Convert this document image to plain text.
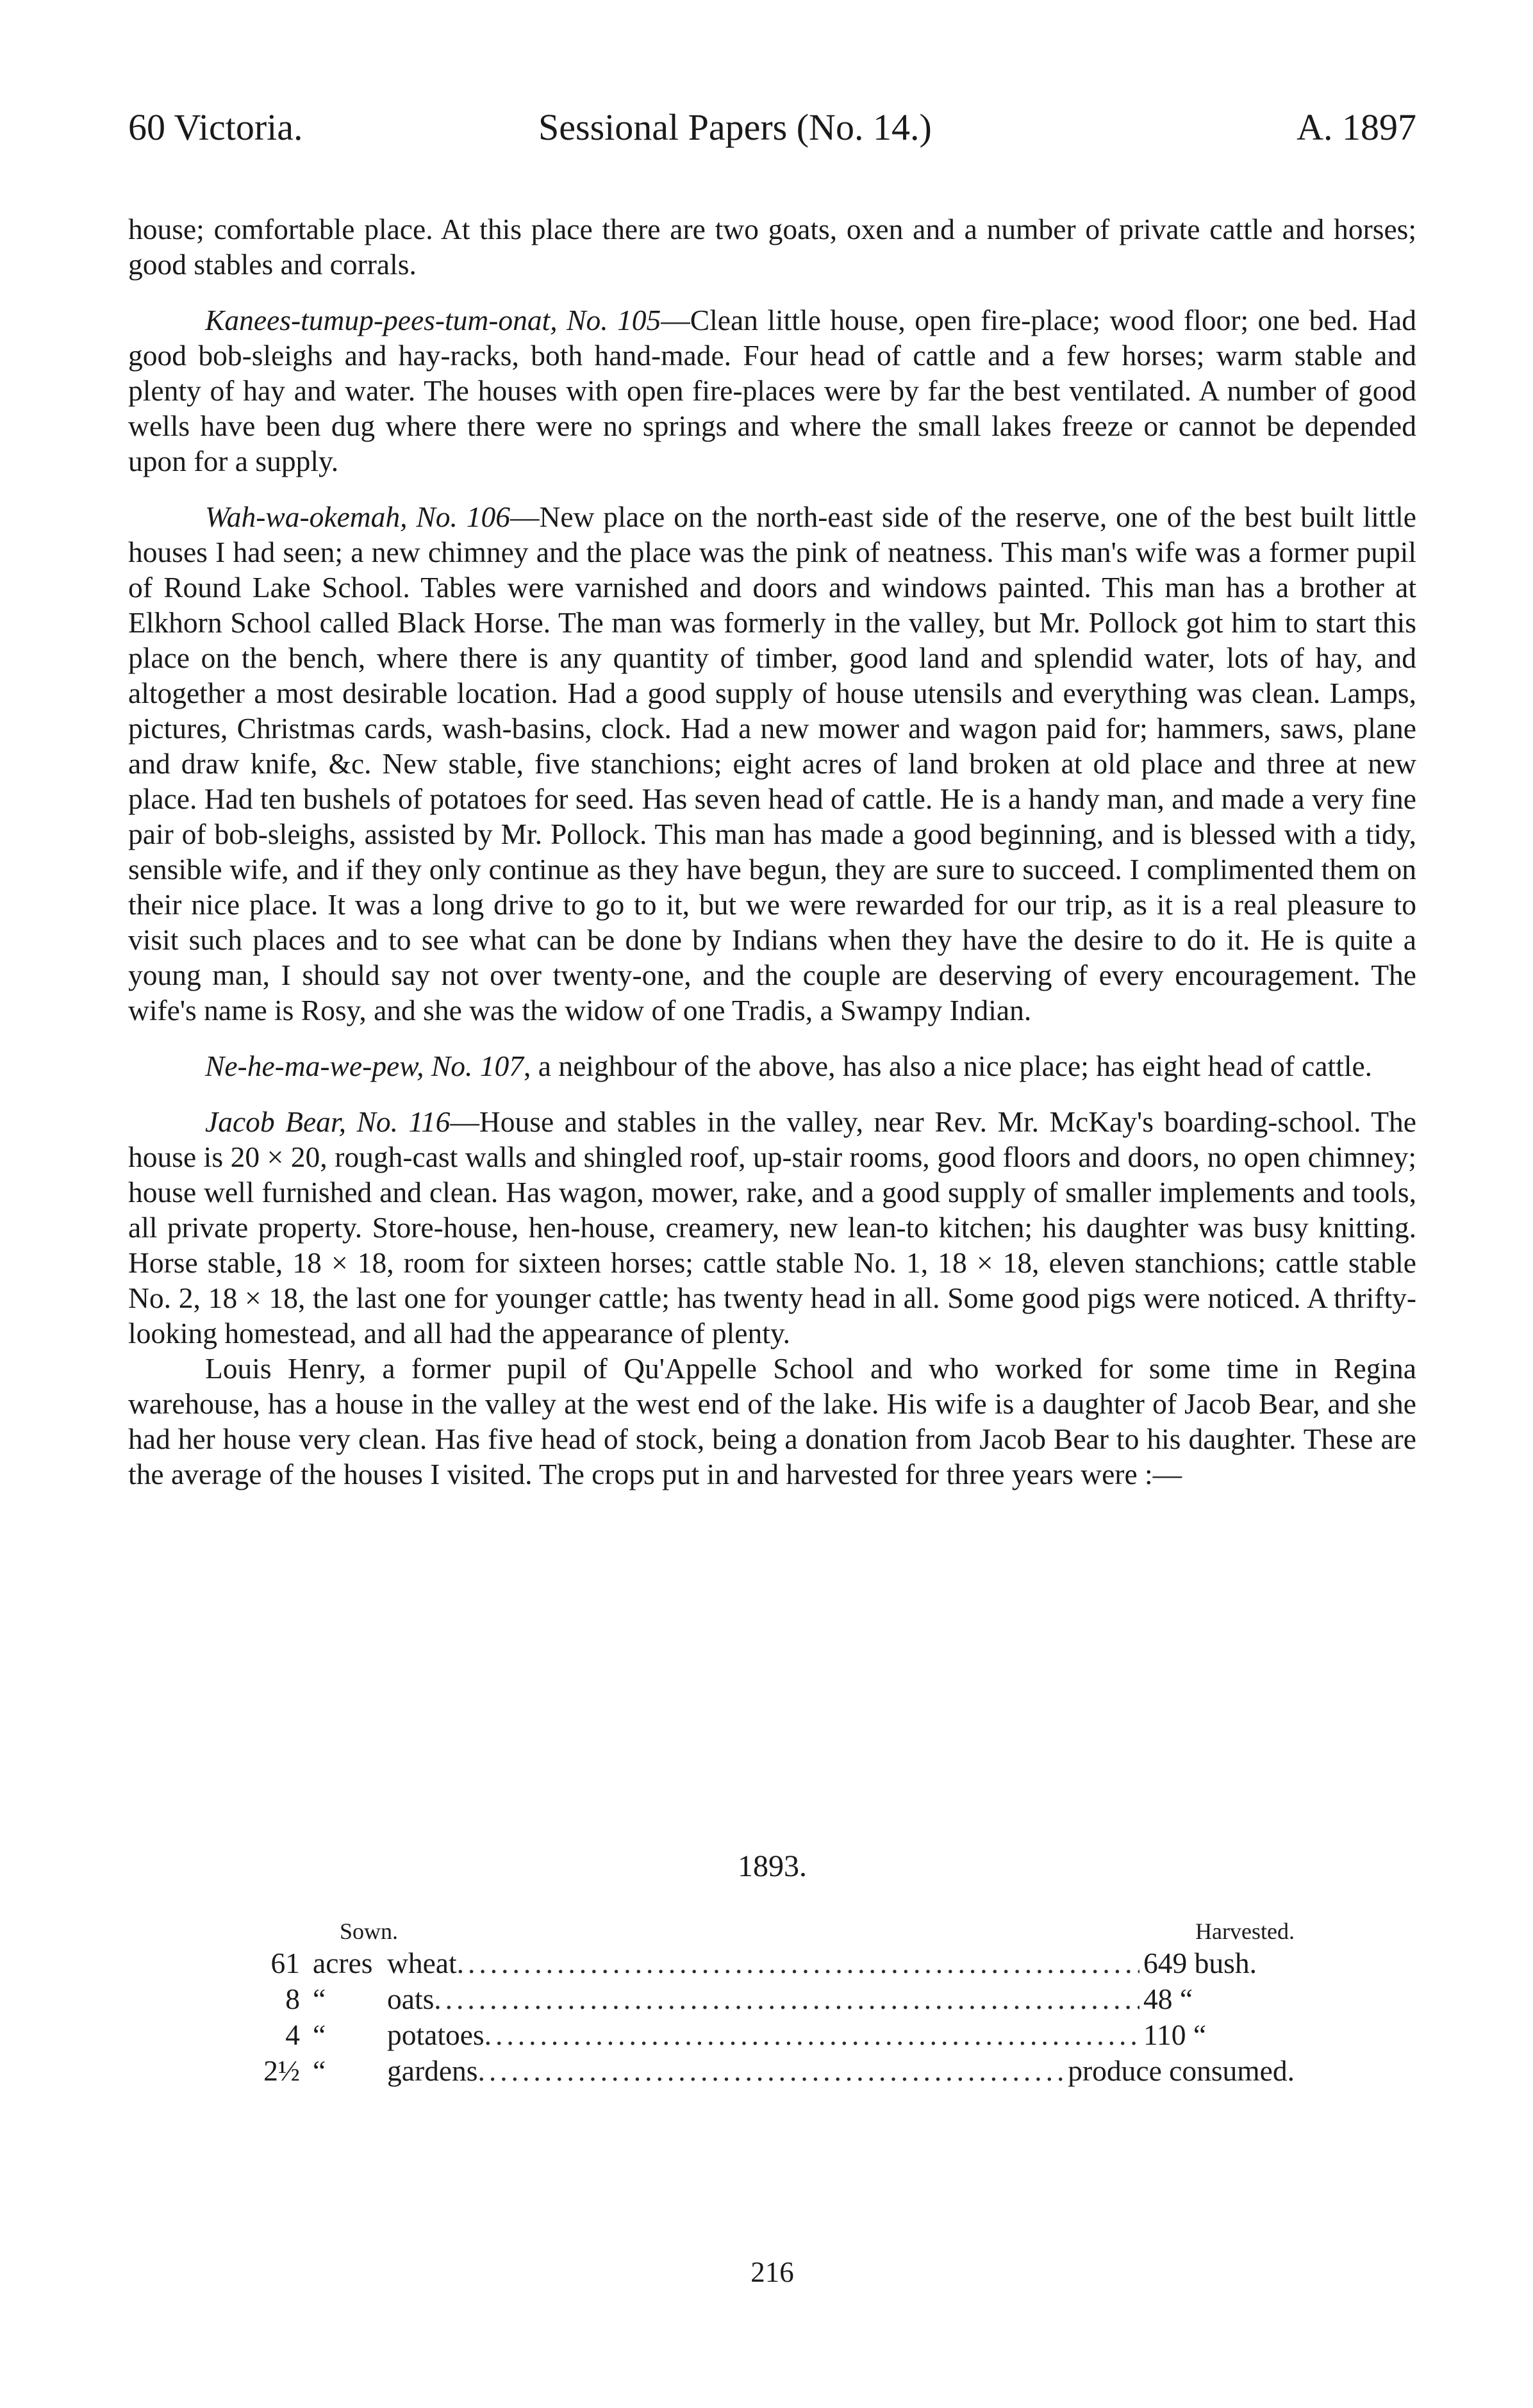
60 Victoria.	Sessional Papers (No. 14.)	A. 1897

house; comfortable place. At this place there are two goats, oxen and a number of private cattle and horses; good stables and corrals.

Kanees-tumup-pees-tum-onat, No. 105—Clean little house, open fire-place; wood floor; one bed. Had good bob-sleighs and hay-racks, both hand-made. Four head of cattle and a few horses; warm stable and plenty of hay and water. The houses with open fire-places were by far the best ventilated. A number of good wells have been dug where there were no springs and where the small lakes freeze or cannot be depended upon for a supply.

Wah-wa-okemah, No. 106—New place on the north-east side of the reserve, one of the best built little houses I had seen; a new chimney and the place was the pink of neatness. This man's wife was a former pupil of Round Lake School. Tables were varnished and doors and windows painted. This man has a brother at Elkhorn School called Black Horse. The man was formerly in the valley, but Mr. Pollock got him to start this place on the bench, where there is any quantity of timber, good land and splendid water, lots of hay, and altogether a most desirable location. Had a good supply of house utensils and everything was clean. Lamps, pictures, Christmas cards, wash-basins, clock. Had a new mower and wagon paid for; hammers, saws, plane and draw knife, &c. New stable, five stanchions; eight acres of land broken at old place and three at new place. Had ten bushels of potatoes for seed. Has seven head of cattle. He is a handy man, and made a very fine pair of bob-sleighs, assisted by Mr. Pollock. This man has made a good beginning, and is blessed with a tidy, sensible wife, and if they only continue as they have begun, they are sure to succeed. I complimented them on their nice place. It was a long drive to go to it, but we were rewarded for our trip, as it is a real pleasure to visit such places and to see what can be done by Indians when they have the desire to do it. He is quite a young man, I should say not over twenty-one, and the couple are deserving of every encouragement. The wife's name is Rosy, and she was the widow of one Tradis, a Swampy Indian.

Ne-he-ma-we-pew, No. 107, a neighbour of the above, has also a nice place; has eight head of cattle.

Jacob Bear, No. 116—House and stables in the valley, near Rev. Mr. McKay's boarding-school. The house is 20 × 20, rough-cast walls and shingled roof, up-stair rooms, good floors and doors, no open chimney; house well furnished and clean. Has wagon, mower, rake, and a good supply of smaller implements and tools, all private property. Store-house, hen-house, creamery, new lean-to kitchen; his daughter was busy knitting. Horse stable, 18 × 18, room for sixteen horses; cattle stable No. 1, 18 × 18, eleven stanchions; cattle stable No. 2, 18 × 18, the last one for younger cattle; has twenty head in all. Some good pigs were noticed. A thrifty-looking homestead, and all had the appearance of plenty.

Louis Henry, a former pupil of Qu'Appelle School and who worked for some time in Regina warehouse, has a house in the valley at the west end of the lake. His wife is a daughter of Jacob Bear, and she had her house very clean. Has five head of stock, being a donation from Jacob Bear to his daughter. These are the average of the houses I visited. The crops put in and harvested for three years were :—

1893.
Sown.	Harvested.
61 acres wheat .....	649 bush.
8 “	oats .....	48 “
4 “	potatoes .....	110 “
2½ “	gardens .....	produce consumed.
216
